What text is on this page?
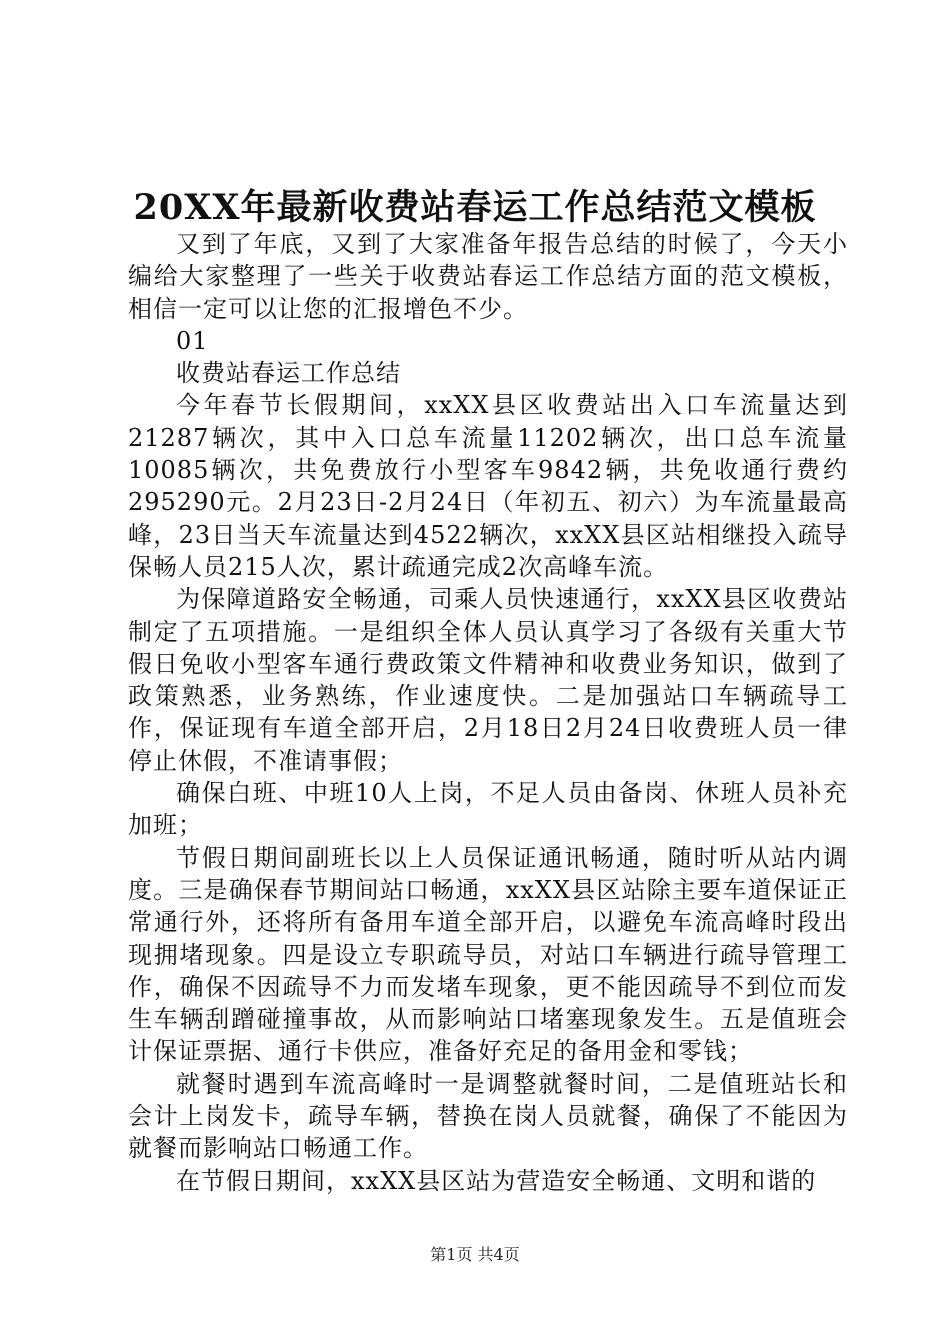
20XX年最新收费站春运工作总结范文模板

又到了年底，又到了大家准备年报告总结的时候了，今天小编给大家整理了一些关于收费站春运工作总结方面的范文模板，相信一定可以让您的汇报增色不少。

01

收费站春运工作总结

今年春节长假期间，xxXX县区收费站出入口车流量达到21287辆次，其中入口总车流量11202辆次，出口总车流量10085辆次，共免费放行小型客车9842辆，共免收通行费约295290元。2月23日-2月24日（年初五、初六）为车流量最高峰，23日当天车流量达到4522辆次，xxXX县区站相继投入疏导保畅人员215人次，累计疏通完成2次高峰车流。

为保障道路安全畅通，司乘人员快速通行，xxXX县区收费站制定了五项措施。一是组织全体人员认真学习了各级有关重大节假日免收小型客车通行费政策文件精神和收费业务知识，做到了政策熟悉，业务熟练，作业速度快。二是加强站口车辆疏导工作，保证现有车道全部开启，2月18日2月24日收费班人员一律停止休假，不准请事假；

确保白班、中班10人上岗，不足人员由备岗、休班人员补充加班；

节假日期间副班长以上人员保证通讯畅通，随时听从站内调度。三是确保春节期间站口畅通，xxXX县区站除主要车道保证正常通行外，还将所有备用车道全部开启，以避免车流高峰时段出现拥堵现象。四是设立专职疏导员，对站口车辆进行疏导管理工作，确保不因疏导不力而发堵车现象，更不能因疏导不到位而发生车辆刮蹭碰撞事故，从而影响站口堵塞现象发生。五是值班会计保证票据、通行卡供应，准备好充足的备用金和零钱；

就餐时遇到车流高峰时一是调整就餐时间，二是值班站长和会计上岗发卡，疏导车辆，替换在岗人员就餐，确保了不能因为就餐而影响站口畅通工作。

在节假日期间，xxXX县区站为营造安全畅通、文明和谐的

第1页 共4页
